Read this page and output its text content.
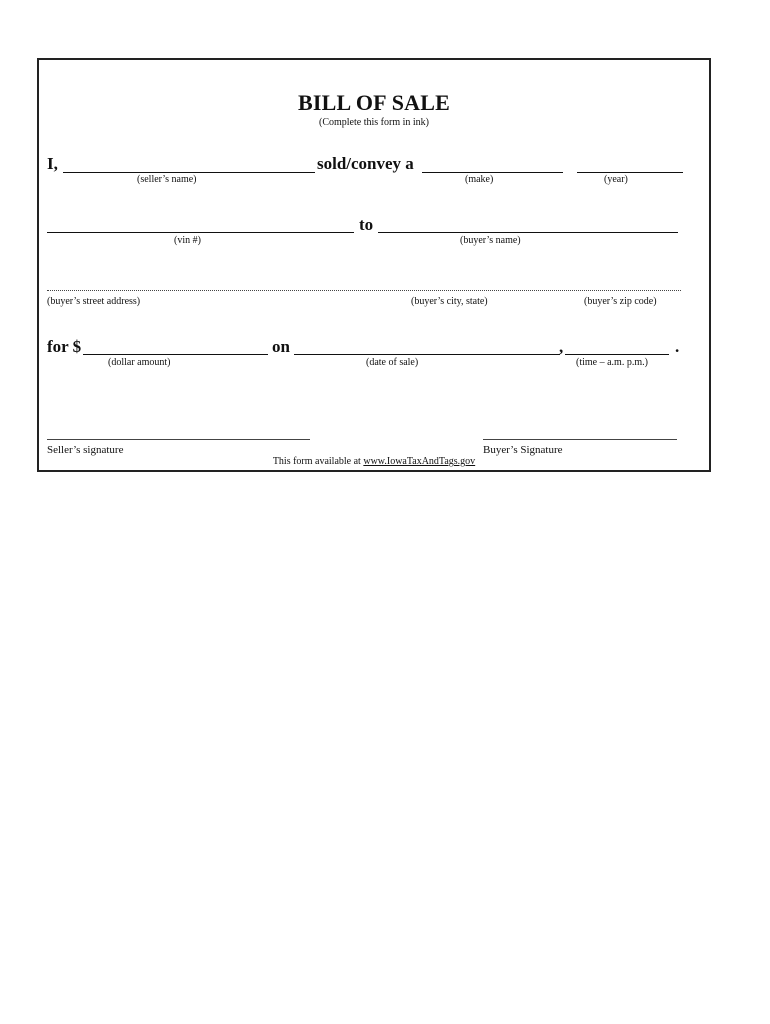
BILL OF SALE
(Complete this form in ink)
I,	sold/convey a
(seller’s name)	(make)	(year)
to
(vin #)	(buyer’s name)
(buyer’s street address)	(buyer’s city, state)	(buyer’s zip code)
for $	on	,	.
(dollar amount)	(date of sale)	(time – a.m. p.m.)
Seller’s signature	Buyer’s Signature
This form available at www.IowaTaxAndTags.gov
